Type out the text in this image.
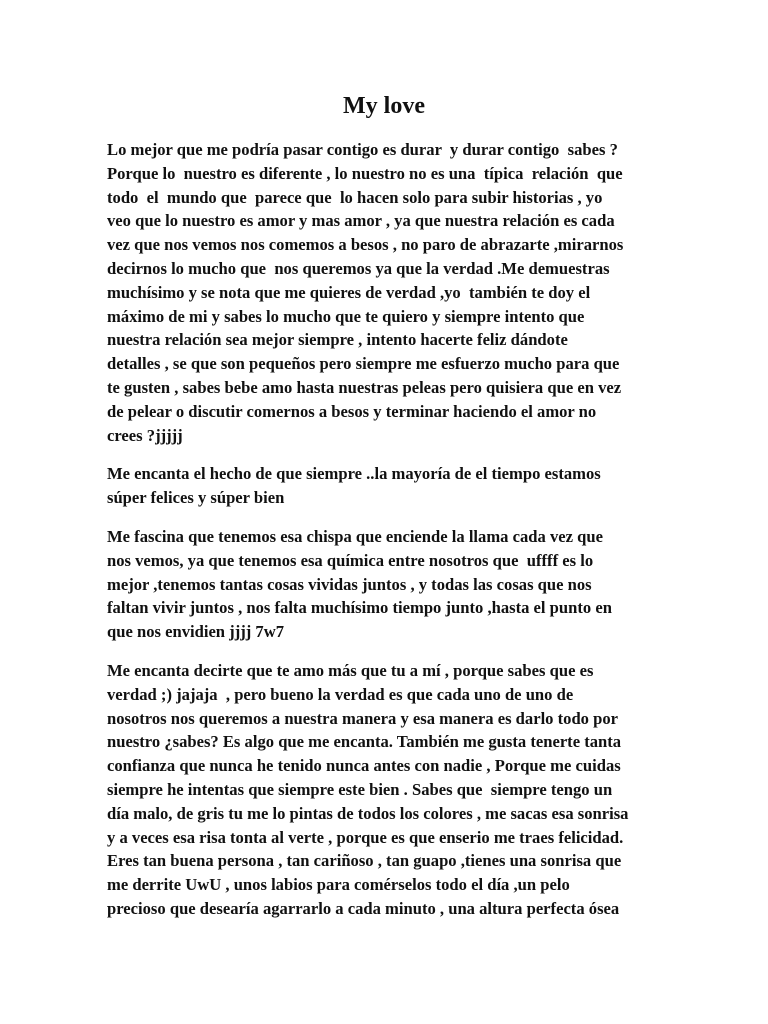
My love

Lo mejor que me podría pasar contigo es durar  y durar contigo  sabes ?
Porque lo  nuestro es diferente , lo nuestro no es una  típica  relación  que
todo  el  mundo que  parece que  lo hacen solo para subir historias , yo
veo que lo nuestro es amor y mas amor , ya que nuestra relación es cada
vez que nos vemos nos comemos a besos , no paro de abrazarte ,mirarnos
decirnos lo mucho que  nos queremos ya que la verdad .Me demuestras
muchísimo y se nota que me quieres de verdad ,yo  también te doy el
máximo de mi y sabes lo mucho que te quiero y siempre intento que
nuestra relación sea mejor siempre , intento hacerte feliz dándote
detalles , se que son pequeños pero siempre me esfuerzo mucho para que
te gusten , sabes bebe amo hasta nuestras peleas pero quisiera que en vez
de pelear o discutir comernos a besos y terminar haciendo el amor no
crees ?jjjjj

Me encanta el hecho de que siempre ..la mayoría de el tiempo estamos
súper felices y súper bien

Me fascina que tenemos esa chispa que enciende la llama cada vez que
nos vemos, ya que tenemos esa química entre nosotros que  uffff es lo
mejor ,tenemos tantas cosas vividas juntos , y todas las cosas que nos
faltan vivir juntos , nos falta muchísimo tiempo junto ,hasta el punto en
que nos envidien jjjj 7w7

Me encanta decirte que te amo más que tu a mí , porque sabes que es
verdad ;) jajaja  , pero bueno la verdad es que cada uno de uno de
nosotros nos queremos a nuestra manera y esa manera es darlo todo por
nuestro ¿sabes? Es algo que me encanta. También me gusta tenerte tanta
confianza que nunca he tenido nunca antes con nadie , Porque me cuidas
siempre he intentas que siempre este bien . Sabes que  siempre tengo un
día malo, de gris tu me lo pintas de todos los colores , me sacas esa sonrisa
y a veces esa risa tonta al verte , porque es que enserio me traes felicidad.
Eres tan buena persona , tan cariñoso , tan guapo ,tienes una sonrisa que
me derrite UwU , unos labios para comérselos todo el día ,un pelo
precioso que desearía agarrarlo a cada minuto , una altura perfecta ósea
